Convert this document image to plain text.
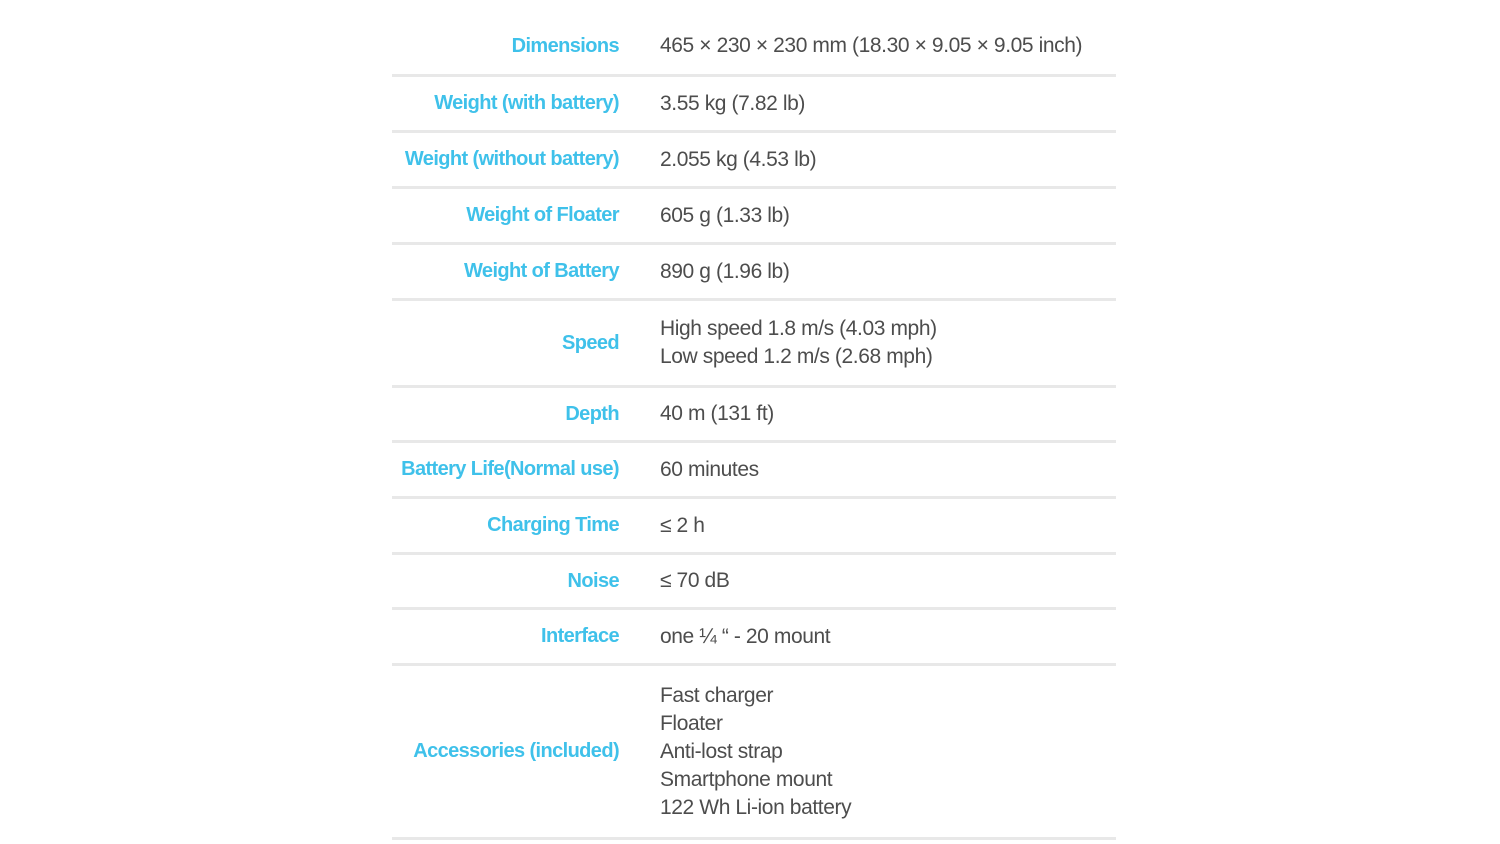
Dimensions 465 × 230 × 230 mm (18.30 × 9.05 × 9.05 inch)
Weight (with battery) 3.55 kg (7.82 lb)
Weight (without battery) 2.055 kg (4.53 lb)
Weight of Floater 605 g (1.33 lb)
Weight of Battery 890 g (1.96 lb)
Speed
High speed 1.8 m/s (4.03 mph)
Low speed 1.2 m/s (2.68 mph)
Depth 40 m (131 ft)
Battery Life(Normal use) 60 minutes
Charging Time ≤ 2 h
Noise ≤ 70 dB
Interface one ¼ “ - 20 mount
Accessories (included)
Fast charger
Floater
Anti-lost strap
Smartphone mount
122 Wh Li-ion battery
